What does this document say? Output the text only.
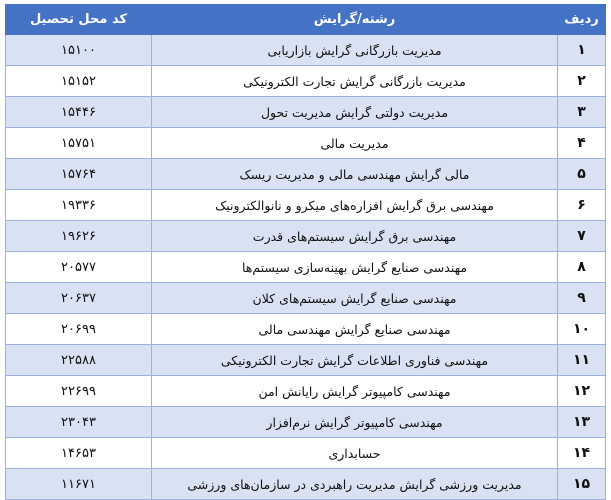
ردیف	رشته/گرایش	کد محل تحصیل
۱	مدیریت بازرگانی گرایش بازاریابی	۱۵۱۰۰
۲	مدیریت بازرگانی گرایش تجارت الکترونیکی	۱۵۱۵۲
۳	مدیریت دولتی گرایش مدیریت تحول	۱۵۴۴۶
۴	مدیریت مالی	۱۵۷۵۱
۵	مالی گرایش مهندسی مالی و مدیریت ریسک	۱۵۷۶۴
۶	مهندسی برق گرایش افزاره‌های میکرو و نانوالکترونیک	۱۹۳۳۶
۷	مهندسی برق گرایش سیستم‌های قدرت	۱۹۶۲۶
۸	مهندسی صنایع گرایش بهینه‌سازی سیستم‌ها	۲۰۵۷۷
۹	مهندسی صنایع گرایش سیستم‌های کلان	۲۰۶۳۷
۱۰	مهندسی صنایع گرایش مهندسی مالی	۲۰۶۹۹
۱۱	مهندسی فناوری اطلاعات گرایش تجارت الکترونیکی	۲۲۵۸۸
۱۲	مهندسی کامپیوتر گرایش رایانش امن	۲۲۶۹۹
۱۳	مهندسی کامپیوتر گرایش نرم‌افزار	۲۳۰۴۳
۱۴	حسابداری	۱۴۶۵۳
۱۵	مدیریت ورزشی گرایش مدیریت راهبردی در سازمان‌های ورزشی	۱۱۶۷۱
